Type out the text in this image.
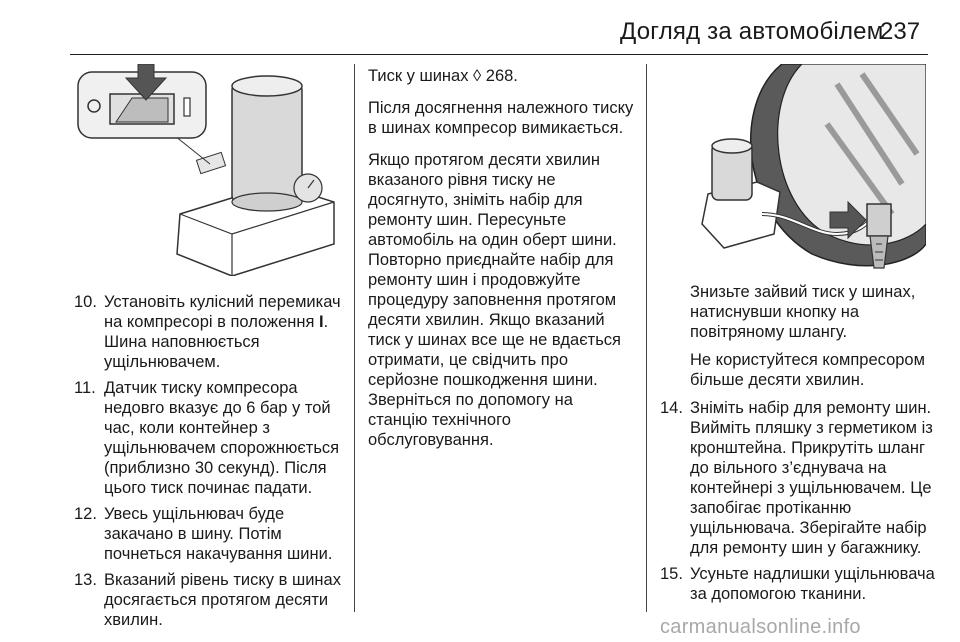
Догляд за автомобілем
237
10. Установіть кулісний перемикач на компресорі в положення I. Шина наповнюється ущільнювачем.
11. Датчик тиску компресора недовго вказує до 6 бар у той час, коли контейнер з ущільнювачем спорожнюється (приблизно 30 секунд). Після цього тиск починає падати.
12. Увесь ущільнювач буде закачано в шину. Потім почнеться накачування шини.
13. Вказаний рівень тиску в шинах досягається протягом десяти хвилин.

Тиск у шинах ◊ 268.

Після досягнення належного тиску в шинах компресор вимикається.

Якщо протягом десяти хвилин вказаного рівня тиску не досягнуто, зніміть набір для ремонту шин. Пересуньте автомобіль на один оберт шини. Повторно приєднайте набір для ремонту шин і продовжуйте процедуру заповнення протягом десяти хвилин. Якщо вказаний тиск у шинах все ще не вдається отримати, це свідчить про серйозне пошкодження шини. Зверніться по допомогу на станцію технічного обслуговування.

Знизьте зайвий тиск у шинах, натиснувши кнопку на повітряному шлангу.

Не користуйтеся компресором більше десяти хвилин.

14. Зніміть набір для ремонту шин. Вийміть пляшку з герметиком із кронштейна. Прикрутіть шланг до вільного з’єднувача на контейнері з ущільнювачем. Це запобігає протіканню ущільнювача. Зберігайте набір для ремонту шин у багажнику.
15. Усуньте надлишки ущільнювача за допомогою тканини.
carmanualsonline.info
